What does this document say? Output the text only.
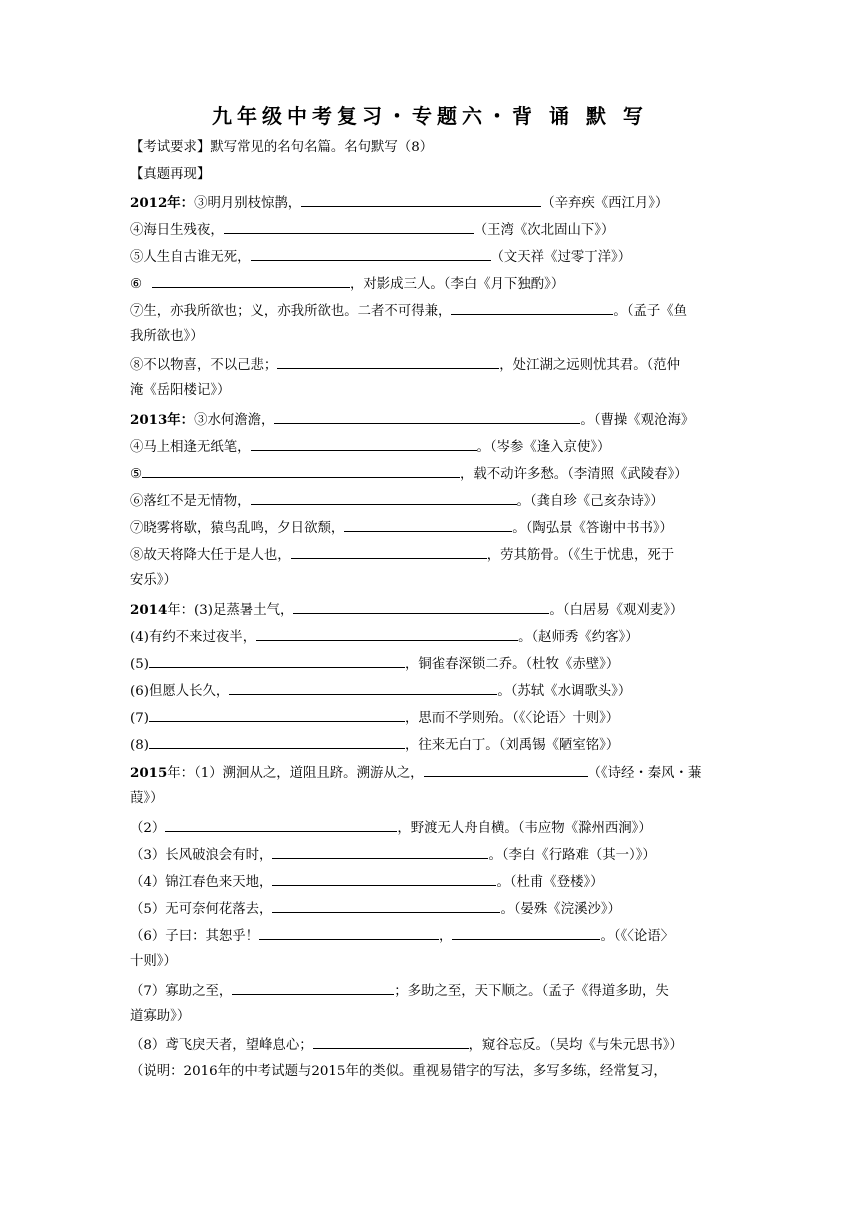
九年级中考复习・专题六・背 诵 默 写
【考试要求】默写常见的名句名篇。名句默写（8）
【真题再现】
2012年：③明月别枝惊鹊，	（辛弃疾《西江月》）
④海日生残夜，	（王湾《次北固山下》）
⑤人生自古谁无死，	（文天祥《过零丁洋》）
⑥	，对影成三人。（李白《月下独酌》）
⑦生，亦我所欲也；义，亦我所欲也。二者不可得兼，	。（孟子《鱼
我所欲也》）
⑧不以物喜，不以己悲；	，处江湖之远则忧其君。（范仲
淹《岳阳楼记》）
2013年：③水何澹澹，	。（曹操《观沧海》
④马上相逢无纸笔，	。（岑参《逢入京使》）
⑤	，载不动许多愁。（李清照《武陵春》）
⑥落红不是无情物，	。（龚自珍《己亥杂诗》）
⑦晓雾将歇，猿鸟乱鸣，夕日欲颓，	。（陶弘景《答谢中书书》）
⑧故天将降大任于是人也，	，劳其筋骨。（《生于忧患，死于
安乐》）
2014年：(3)足蒸暑土气，	。（白居易《观刈麦》）
(4)有约不来过夜半，	。（赵师秀《约客》）
(5)	，铜雀春深锁二乔。（杜牧《赤壁》）
(6)但愿人长久，	。（苏轼《水调歌头》）
(7)	，思而不学则殆。（《〈论语〉十则》）
(8)	，往来无白丁。（刘禹锡《陋室铭》）
2015年：（1）溯洄从之，道阻且跻。溯游从之，	（《诗经・秦风・蒹
葭》）
（2）	，野渡无人舟自横。（韦应物《滁州西涧》）
（3）长风破浪会有时，	。（李白《行路难（其一）》）
（4）锦江春色来天地，	。（杜甫《登楼》）
（5）无可奈何花落去，	。（晏殊《浣溪沙》）
（6）子曰：其恕乎！	，	。（《〈论语〉
十则》）
（7）寡助之至，	；多助之至，天下顺之。（孟子《得道多助，失
道寡助》）
（8）鸢飞戾天者，望峰息心；	，窥谷忘反。（吴均《与朱元思书》）
（说明：2016年的中考试题与2015年的类似。重视易错字的写法，多写多练，经常复习，
